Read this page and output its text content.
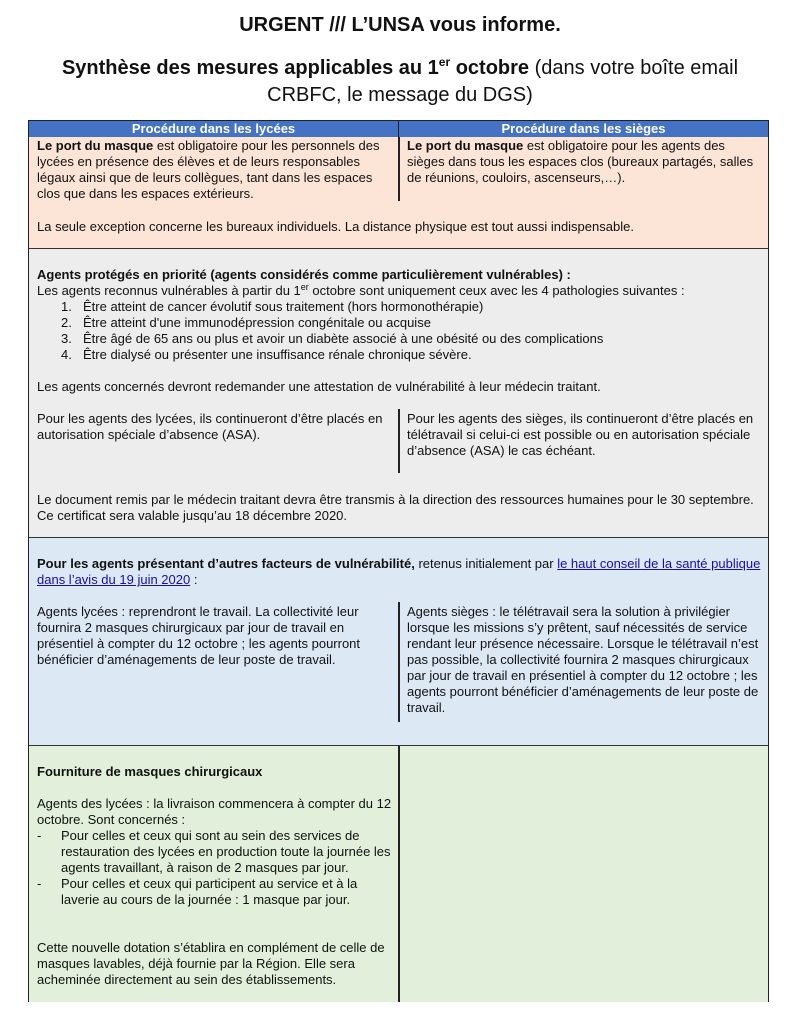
URGENT /// L’UNSA vous informe.
Synthèse des mesures applicables au 1er octobre (dans votre boîte email CRBFC, le message du DGS)
Procédure dans les lycées	Procédure dans les sièges
Le port du masque est obligatoire pour les personnels des lycées en présence des élèves et de leurs responsables légaux ainsi que de leurs collègues, tant dans les espaces clos que dans les espaces extérieurs.
Le port du masque est obligatoire pour les agents des sièges dans tous les espaces clos (bureaux partagés, salles de réunions, couloirs, ascenseurs,…).
La seule exception concerne les bureaux individuels. La distance physique est tout aussi indispensable.
Agents protégés en priorité (agents considérés comme particulièrement vulnérables) :
Les agents reconnus vulnérables à partir du 1er octobre sont uniquement ceux avec les 4 pathologies suivantes :
1. Être atteint de cancer évolutif sous traitement (hors hormonothérapie)
2. Être atteint d'une immunodépression congénitale ou acquise
3. Être âgé de 65 ans ou plus et avoir un diabète associé à une obésité ou des complications
4. Être dialysé ou présenter une insuffisance rénale chronique sévère.
Les agents concernés devront redemander une attestation de vulnérabilité à leur médecin traitant.
Pour les agents des lycées, ils continueront d’être placés en autorisation spéciale d’absence (ASA).
Pour les agents des sièges, ils continueront d’être placés en télétravail si celui-ci est possible ou en autorisation spéciale d’absence (ASA) le cas échéant.
Le document remis par le médecin traitant devra être transmis à la direction des ressources humaines pour le 30 septembre. Ce certificat sera valable jusqu’au 18 décembre 2020.
Pour les agents présentant d’autres facteurs de vulnérabilité, retenus initialement par le haut conseil de la santé publique dans l’avis du 19 juin 2020 :
Agents lycées : reprendront le travail. La collectivité leur fournira 2 masques chirurgicaux par jour de travail en présentiel à compter du 12 octobre ; les agents pourront bénéficier d’aménagements de leur poste de travail.
Agents sièges : le télétravail sera la solution à privilégier lorsque les missions s’y prêtent, sauf nécessités de service rendant leur présence nécessaire. Lorsque le télétravail n’est pas possible, la collectivité fournira 2 masques chirurgicaux par jour de travail en présentiel à compter du 12 octobre ; les agents pourront bénéficier d’aménagements de leur poste de travail.
Fourniture de masques chirurgicaux
Agents des lycées : la livraison commencera à compter du 12 octobre. Sont concernés :
- Pour celles et ceux qui sont au sein des services de restauration des lycées en production toute la journée les agents travaillant, à raison de 2 masques par jour.
- Pour celles et ceux qui participent au service et à la laverie au cours de la journée : 1 masque par jour.
Cette nouvelle dotation s’établira en complément de celle de masques lavables, déjà fournie par la Région. Elle sera acheminée directement au sein des établissements.
